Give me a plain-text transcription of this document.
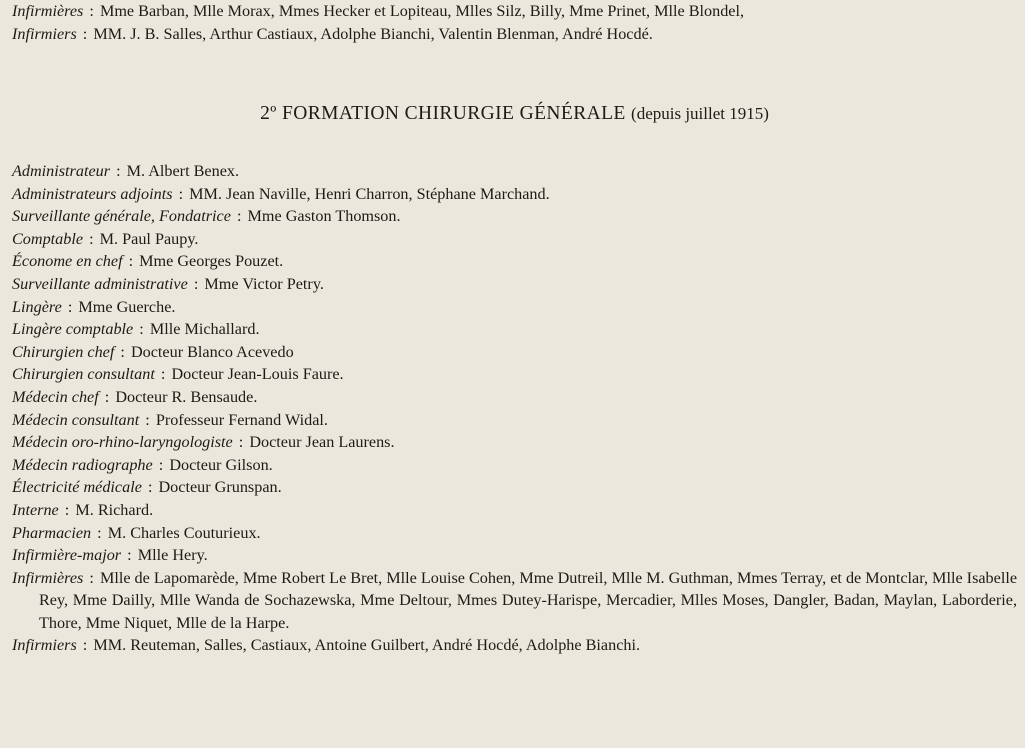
Infirmières : Mme Barban, Mlle Morax, Mmes Hecker et Lopiteau, Mlles Silz, Billy, Mme Prinet, Mlle Blondel,
Infirmiers : MM. J. B. Salles, Arthur Castiaux, Adolphe Bianchi, Valentin Blenman, André Hocdé.
2º FORMATION CHIRURGIE GÉNÉRALE (depuis juillet 1915)
Administrateur : M. Albert Benex.
Administrateurs adjoints : MM. Jean Naville, Henri Charron, Stéphane Marchand.
Surveillante générale, Fondatrice : Mme Gaston Thomson.
Comptable : M. Paul Paupy.
Économe en chef : Mme Georges Pouzet.
Surveillante administrative : Mme Victor Petry.
Lingère : Mme Guerche.
Lingère comptable : Mlle Michallard.
Chirurgien chef : Docteur Blanco Acevedo
Chirurgien consultant : Docteur Jean-Louis Faure.
Médecin chef : Docteur R. Bensaude.
Médecin consultant : Professeur Fernand Widal.
Médecin oro-rhino-laryngologiste : Docteur Jean Laurens.
Médecin radiographe : Docteur Gilson.
Électricité médicale : Docteur Grunspan.
Interne : M. Richard.
Pharmacien : M. Charles Couturieux.
Infirmière-major : Mlle Hery.
Infirmières : Mlle de Lapomarède, Mme Robert Le Bret, Mlle Louise Cohen, Mme Dutreil, Mlle M. Guthman, Mmes Terray, et de Montclar, Mlle Isabelle Rey, Mme Dailly, Mlle Wanda de Sochazewska, Mme Deltour, Mmes Dutey-Harispe, Mercadier, Mlles Moses, Dangler, Badan, Maylan, Laborderie, Thore, Mme Niquet, Mlle de la Harpe.
Infirmiers : MM. Reuteman, Salles, Castiaux, Antoine Guilbert, André Hocdé, Adolphe Bianchi.
